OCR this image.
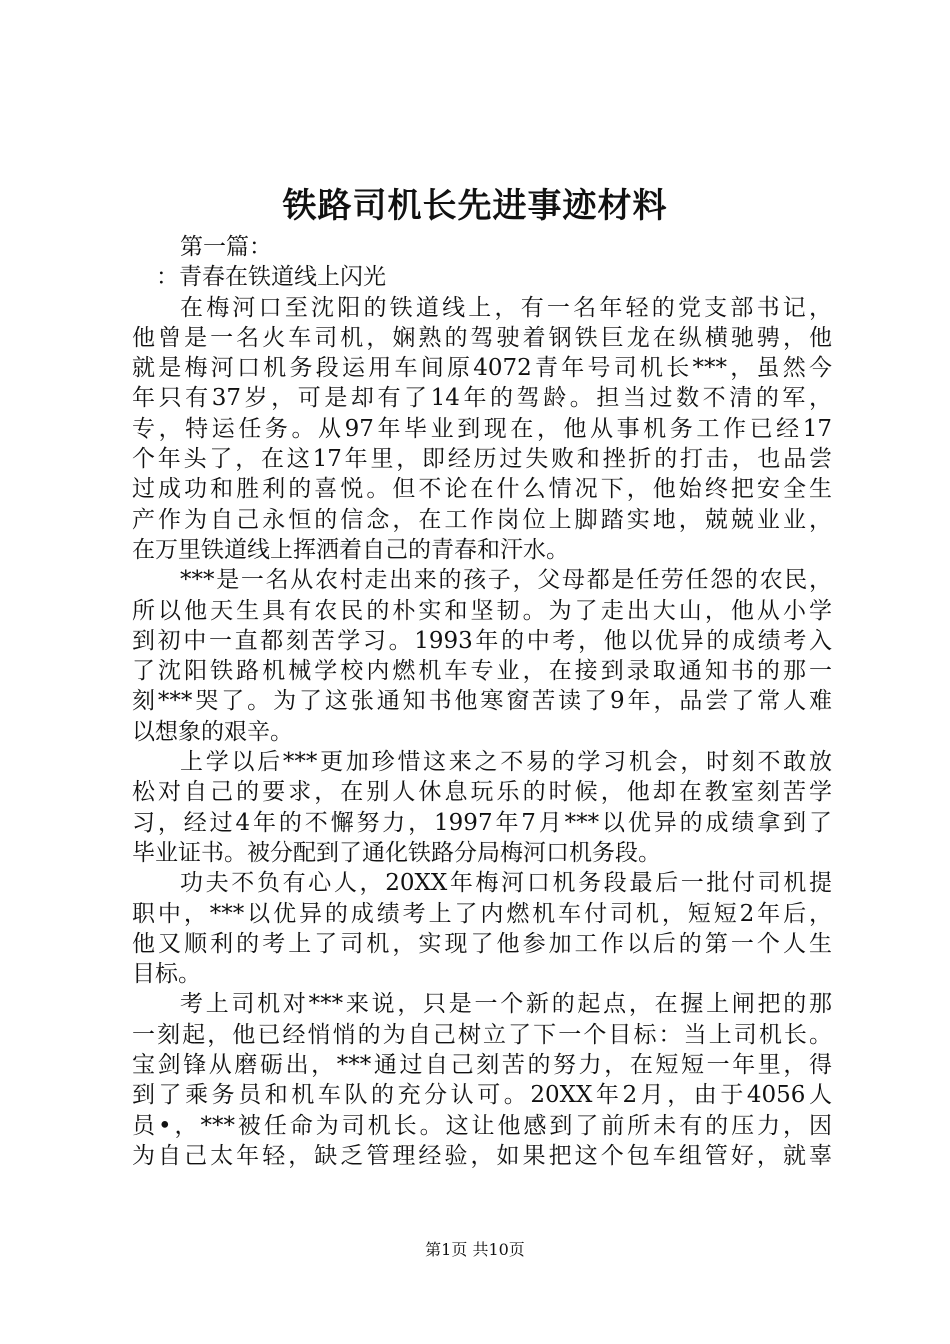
铁路司机长先进事迹材料
第一篇：
：青春在铁道线上闪光
在梅河口至沈阳的铁道线上，有一名年轻的党支部书记，
他曾是一名火车司机，娴熟的驾驶着钢铁巨龙在纵横驰骋，他
就是梅河口机务段运用车间原4072青年号司机长***，虽然今
年只有37岁，可是却有了14年的驾龄。担当过数不清的军，
专，特运任务。从97年毕业到现在，他从事机务工作已经17
个年头了，在这17年里，即经历过失败和挫折的打击，也品尝
过成功和胜利的喜悦。但不论在什么情况下，他始终把安全生
产作为自己永恒的信念，在工作岗位上脚踏实地，兢兢业业，
在万里铁道线上挥洒着自己的青春和汗水。
***是一名从农村走出来的孩子，父母都是任劳任怨的农民，
所以他天生具有农民的朴实和坚韧。为了走出大山，他从小学
到初中一直都刻苦学习。1993年的中考，他以优异的成绩考入
了沈阳铁路机械学校内燃机车专业，在接到录取通知书的那一
刻***哭了。为了这张通知书他寒窗苦读了9年，品尝了常人难
以想象的艰辛。
上学以后***更加珍惜这来之不易的学习机会，时刻不敢放
松对自己的要求，在别人休息玩乐的时候，他却在教室刻苦学
习，经过4年的不懈努力，1997年7月***以优异的成绩拿到了
毕业证书。被分配到了通化铁路分局梅河口机务段。
功夫不负有心人，20XX年梅河口机务段最后一批付司机提
职中，***以优异的成绩考上了内燃机车付司机，短短2年后，
他又顺利的考上了司机，实现了他参加工作以后的第一个人生
目标。
考上司机对***来说，只是一个新的起点，在握上闸把的那
一刻起，他已经悄悄的为自己树立了下一个目标：当上司机长。
宝剑锋从磨砺出，***通过自己刻苦的努力，在短短一年里，得
到了乘务员和机车队的充分认可。20XX年2月，由于4056人
员•，***被任命为司机长。这让他感到了前所未有的压力，因
为自己太年轻，缺乏管理经验，如果把这个包车组管好，就辜
第1页 共10页
